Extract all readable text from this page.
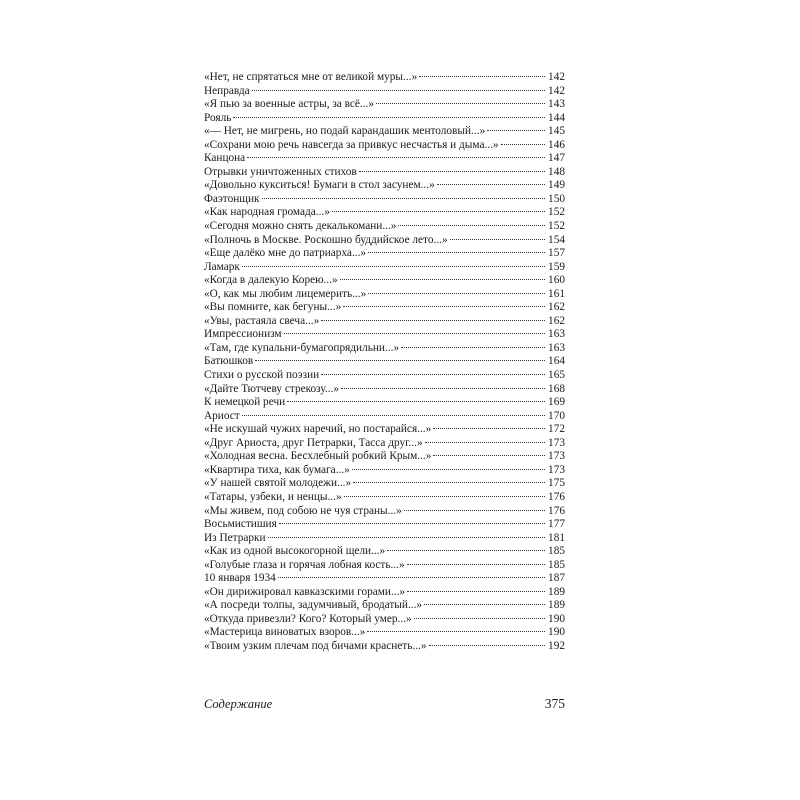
«Нет, не спрятаться мне от великой муры...»	142
Неправда	142
«Я пью за военные астры, за всё...»	143
Рояль	144
«— Нет, не мигрень, но подай карандашик ментоловый...»	145
«Сохрани мою речь навсегда за привкус несчастья и дыма...»	146
Канцона	147
Отрывки уничтоженных стихов	148
«Довольно кукситься! Бумаги в стол засунем...»	149
Фаэтонщик	150
«Как народная громада...»	152
«Сегодня можно снять декалькомани...»	152
«Полночь в Москве. Роскошно буддийское лето...»	154
«Еще далёко мне до патриарха...»	157
Ламарк	159
«Когда в далекую Корею...»	160
«О, как мы любим лицемерить...»	161
«Вы помните, как бегуны...»	162
«Увы, растаяла свеча...»	162
Импрессионизм	163
«Там, где купальни-бумагопрядильни...»	163
Батюшков	164
Стихи о русской поэзии	165
«Дайте Тютчеву стрекозу...»	168
К немецкой речи	169
Ариост	170
«Не искушай чужих наречий, но постарайся...»	172
«Друг Ариоста, друг Петрарки, Тасса друг...»	173
«Холодная весна. Бесхлебный робкий Крым...»	173
«Квартира тиха, как бумага...»	173
«У нашей святой молодежи...»	175
«Татары, узбеки, и ненцы...»	176
«Мы живем, под собою не чуя страны...»	176
Восьмистишия	177
Из Петрарки	181
«Как из одной высокогорной щели...»	185
«Голубые глаза и горячая лобная кость...»	185
10 января 1934	187
«Он дирижировал кавказскими горами...»	189
«А посреди толпы, задумчивый, бродатый...»	189
«Откуда привезли? Кого? Который умер...»	190
«Мастерица виноватых взоров...»	190
«Твоим узким плечам под бичами краснеть...»	192
Содержание	375
